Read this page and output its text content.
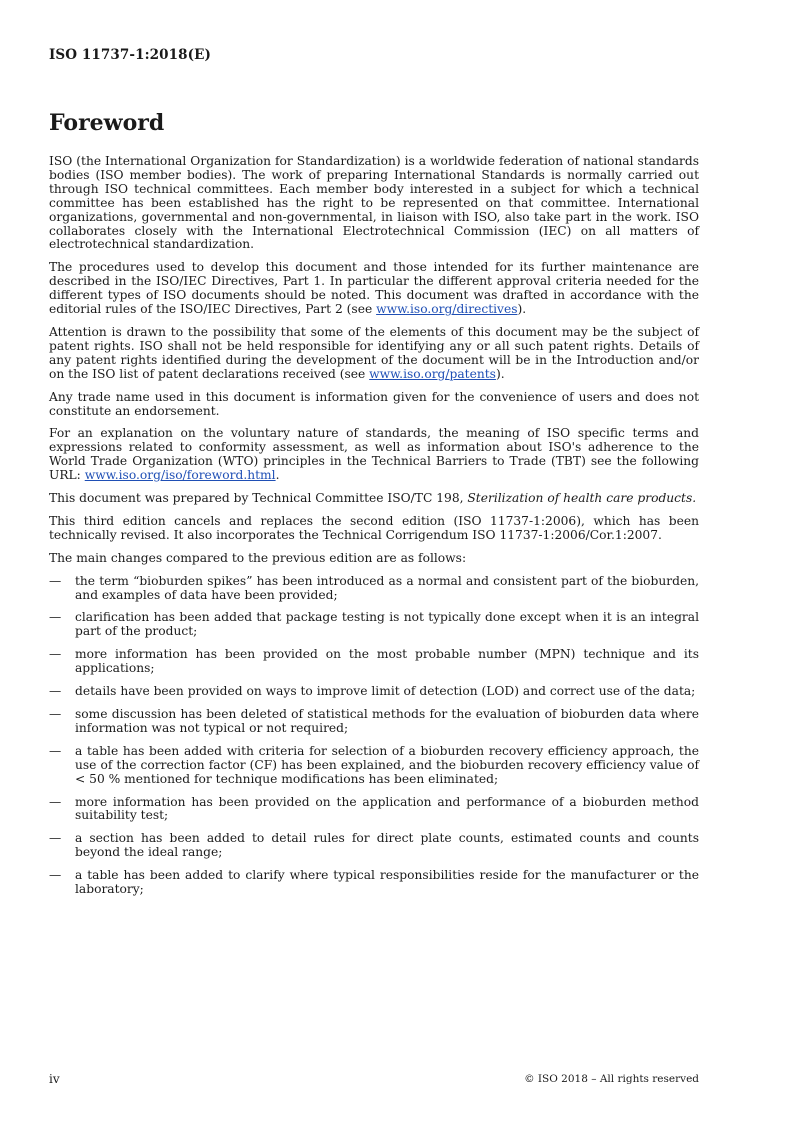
ISO 11737-1:2018(E)
Foreword

ISO (the International Organization for Standardization) is a worldwide federation of national standards bodies (ISO member bodies). The work of preparing International Standards is normally carried out through ISO technical committees. Each member body interested in a subject for which a technical committee has been established has the right to be represented on that committee. International organizations, governmental and non-governmental, in liaison with ISO, also take part in the work. ISO collaborates closely with the International Electrotechnical Commission (IEC) on all matters of electrotechnical standardization.

The procedures used to develop this document and those intended for its further maintenance are described in the ISO/IEC Directives, Part 1. In particular the different approval criteria needed for the different types of ISO documents should be noted. This document was drafted in accordance with the editorial rules of the ISO/IEC Directives, Part 2 (see www.iso.org/directives).

Attention is drawn to the possibility that some of the elements of this document may be the subject of patent rights. ISO shall not be held responsible for identifying any or all such patent rights. Details of any patent rights identified during the development of the document will be in the Introduction and/or on the ISO list of patent declarations received (see www.iso.org/patents).

Any trade name used in this document is information given for the convenience of users and does not constitute an endorsement.

For an explanation on the voluntary nature of standards, the meaning of ISO specific terms and expressions related to conformity assessment, as well as information about ISO's adherence to the World Trade Organization (WTO) principles in the Technical Barriers to Trade (TBT) see the following URL: www.iso.org/iso/foreword.html.

This document was prepared by Technical Committee ISO/TC 198, Sterilization of health care products.

This third edition cancels and replaces the second edition (ISO 11737-1:2006), which has been technically revised. It also incorporates the Technical Corrigendum ISO 11737-1:2006/Cor.1:2007.

The main changes compared to the previous edition are as follows:

— the term “bioburden spikes” has been introduced as a normal and consistent part of the bioburden, and examples of data have been provided;
— clarification has been added that package testing is not typically done except when it is an integral part of the product;
— more information has been provided on the most probable number (MPN) technique and its applications;
— details have been provided on ways to improve limit of detection (LOD) and correct use of the data;
— some discussion has been deleted of statistical methods for the evaluation of bioburden data where information was not typical or not required;
— a table has been added with criteria for selection of a bioburden recovery efficiency approach, the use of the correction factor (CF) has been explained, and the bioburden recovery efficiency value of < 50 % mentioned for technique modifications has been eliminated;
— more information has been provided on the application and performance of a bioburden method suitability test;
— a section has been added to detail rules for direct plate counts, estimated counts and counts beyond the ideal range;
— a table has been added to clarify where typical responsibilities reside for the manufacturer or the laboratory;
iv	© ISO 2018 – All rights reserved
